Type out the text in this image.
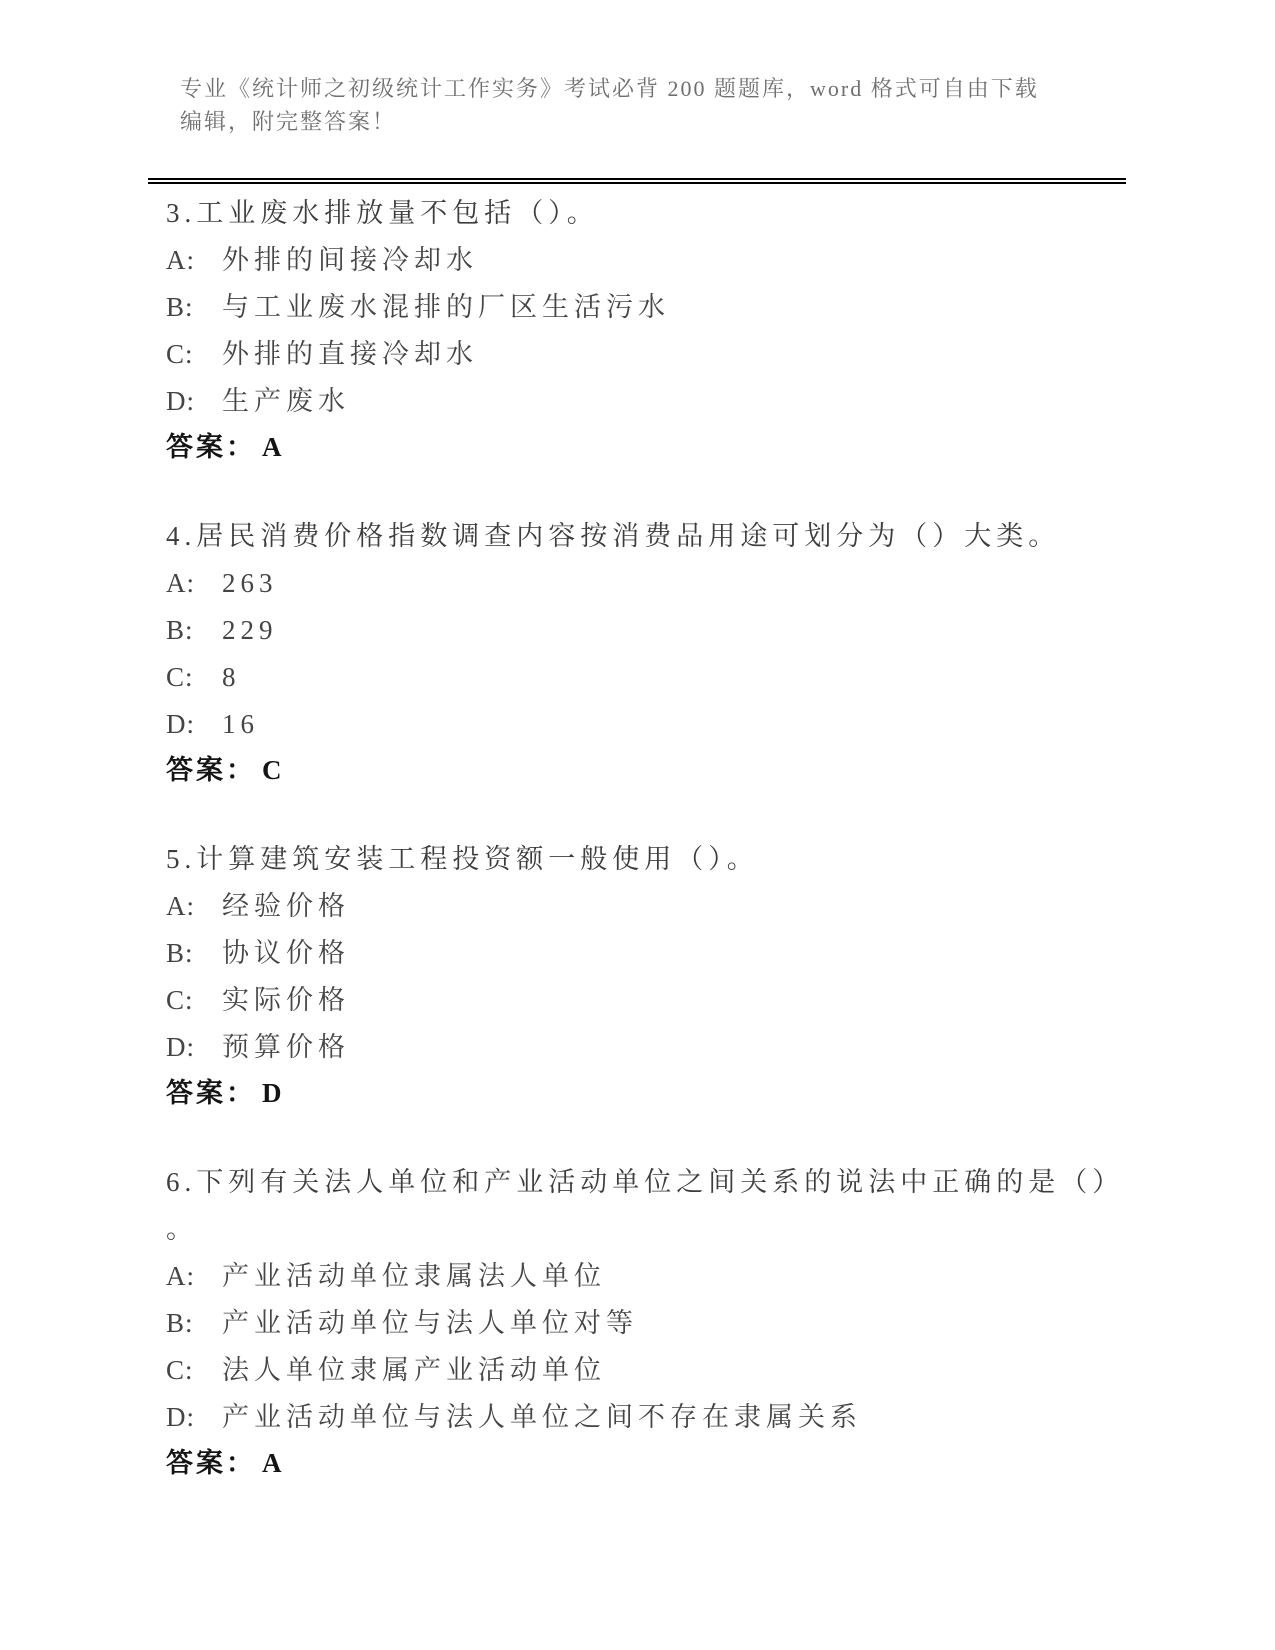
专业《统计师之初级统计工作实务》考试必背 200 题题库，word 格式可自由下载
编辑，附完整答案！
3.工业废水排放量不包括（）。
A: 外排的间接冷却水
B: 与工业废水混排的厂区生活污水
C: 外排的直接冷却水
D: 生产废水
答案： A
4.居民消费价格指数调查内容按消费品用途可划分为（）大类。
A: 263
B: 229
C: 8
D: 16
答案： C
5.计算建筑安装工程投资额一般使用（）。
A: 经验价格
B: 协议价格
C: 实际价格
D: 预算价格
答案： D
6.下列有关法人单位和产业活动单位之间关系的说法中正确的是（）
。
A: 产业活动单位隶属法人单位
B: 产业活动单位与法人单位对等
C: 法人单位隶属产业活动单位
D: 产业活动单位与法人单位之间不存在隶属关系
答案： A
